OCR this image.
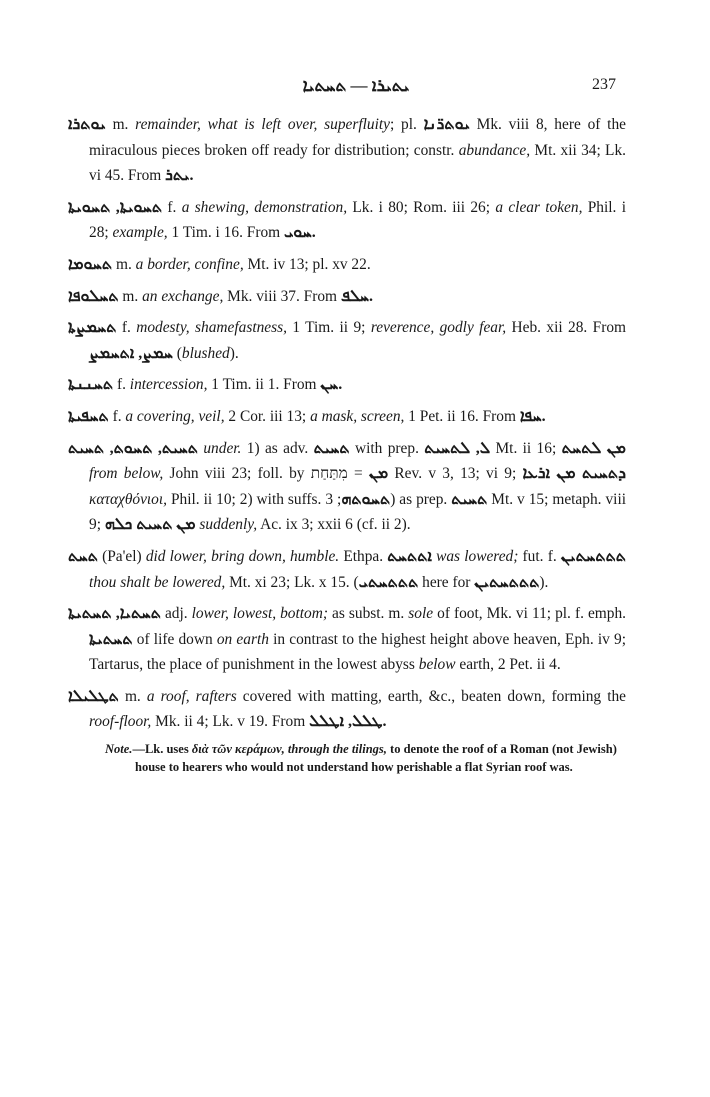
ܝܬܝܪܐ — ܬܚܬܝܐ	237

ܝܘܬܪܐ m. remainder, what is left over, superfluity; pl. ܝܘܬܪ̈ܢܐ Mk. viii 8, here of the miraculous pieces broken off ready for distribution; constr. abundance, Mt. xii 34; Lk. vi 45. From ܝܬܪ.

ܬܚܘܝܬܐ, ܬܚܘܝܬܐ f. a shewing, demonstration, Lk. i 80; Rom. iii 26; a clear token, Phil. i 28; example, 1 Tim. i 16. From ܚܘܝ.

ܬܚܘܡܐ m. a border, confine, Mt. iv 13; pl. xv 22.

ܬܚܠܘܦܐ m. an exchange, Mk. viii 37. From ܚܠܦ.

ܬܚܡܨܬܐ f. modesty, shamefastness, 1 Tim. ii 9; reverence, godly fear, Heb. xii 28. From ܚܡܨ, ܐܬܚܡܨ (blushed).

ܬܚܢܢܬܐ f. intercession, 1 Tim. ii 1. From ܚܢ.

ܬܚܦܝܬܐ f. a covering, veil, 2 Cor. iii 13; a mask, screen, 1 Pet. ii 16. From ܚܦܐ.

ܬܚܝܬ, ܬܚܘܬ, ܬܚܝܬ under. 1) as adv. ܬܚܝܬ with prep. ܠ, ܠܬܚܝܬ Mt. ii 16; ܡܢ ܠܬܚܬ from below, John viii 23; foll. by	ܡܢ = מִתַּחַת	Rev. v 3, 13; vi 9; ܕܬܚܝܬ ܡܢ ܐܪܥܐ καταχθόνιοι, Phil. ii 10; 2) with suffs. ܬܚܘܬܗ; 3) as prep. ܬܚܝܬ Mt. v 15; metaph. viii 9; ܡܢ ܬܚܝܬ ܟܠܗ suddenly, Ac. ix 3; xxii 6 (cf. ii 2).

ܬܚܬ (Pa'el) did lower, bring down, humble. Ethpa. ܐܬܬܚܬ was lowered; fut. f. ܬܬܬܚܬܝܢ thou shalt be lowered, Mt. xi 23; Lk. x 15. (ܬܬܬܚܬܝ here for ܬܬܬܚܬܝܢ).

ܬܚܬܝܐ, ܬܚܬܝܬܐ adj. lower, lowest, bottom; as subst. m. sole of foot, Mk. vi 11; pl. f. emph. ܬܚܬܝܬܐ of life down on earth in contrast to the highest height above heaven, Eph. iv 9; Tartarus, the place of punishment in the lowest abyss below earth, 2 Pet. ii 4.

ܬܛܠܝܠܐ m. a roof, rafters covered with matting, earth, &c., beaten down, forming the roof-floor, Mk. ii 4; Lk. v 19. From ܛܠܠ, ܐܛܠܠ.

Note.—Lk. uses διὰ τῶν κεράμων, through the tilings, to denote the roof of a Roman (not Jewish) house to hearers who would not understand how perishable a flat Syrian roof was.
